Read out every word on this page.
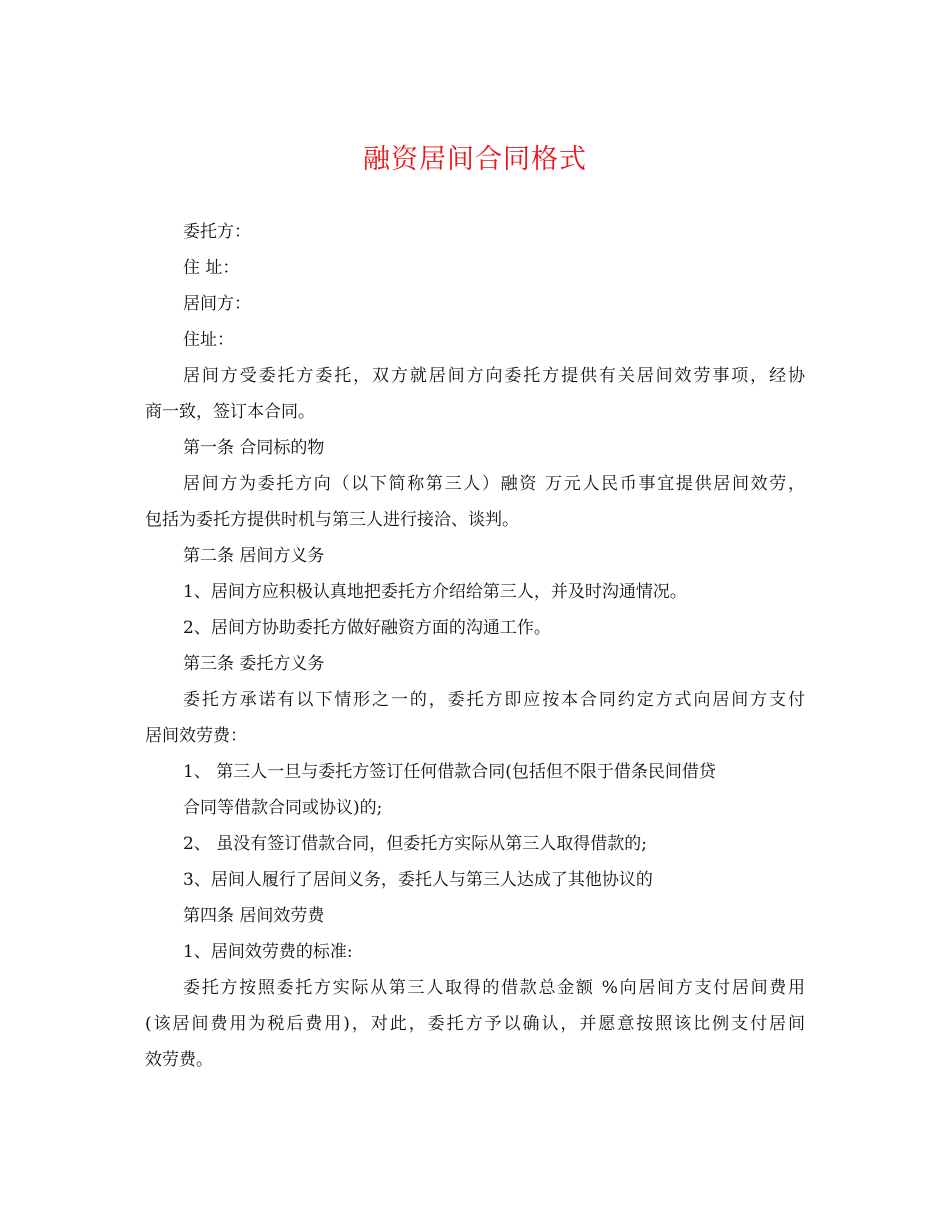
融资居间合同格式
委托方：
住 址：
居间方：
住址：
居间方受委托方委托，双方就居间方向委托方提供有关居间效劳事项，经协
商一致，签订本合同。
第一条 合同标的物
居间方为委托方向（以下简称第三人）融资 万元人民币事宜提供居间效劳，
包括为委托方提供时机与第三人进行接洽、谈判。
第二条 居间方义务
1、居间方应积极认真地把委托方介绍给第三人，并及时沟通情况。
2、居间方协助委托方做好融资方面的沟通工作。
第三条 委托方义务
委托方承诺有以下情形之一的，委托方即应按本合同约定方式向居间方支付
居间效劳费：
1、 第三人一旦与委托方签订任何借款合同(包括但不限于借条民间借贷
合同等借款合同或协议)的;
2、 虽没有签订借款合同，但委托方实际从第三人取得借款的;
3、居间人履行了居间义务，委托人与第三人达成了其他协议的
第四条 居间效劳费
1、居间效劳费的标准:
委托方按照委托方实际从第三人取得的借款总金额 %向居间方支付居间费用
(该居间费用为税后费用)，对此，委托方予以确认，并愿意按照该比例支付居间
效劳费。
